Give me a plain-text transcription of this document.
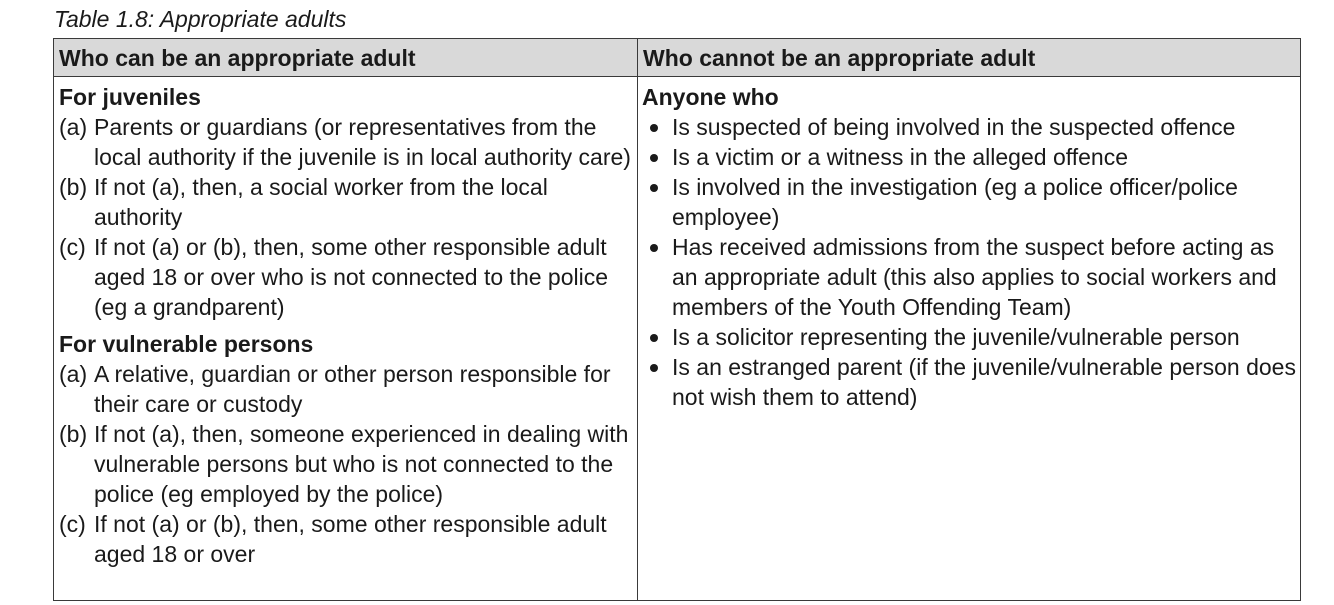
Table 1.8: Appropriate adults

Who can be an appropriate adult	Who cannot be an appropriate adult

For juveniles

(a) Parents or guardians (or representatives from the local authority if the juvenile is in local authority care)
(b) If not (a), then, a social worker from the local authority
(c) If not (a) or (b), then, some other responsible adult aged 18 or over who is not connected to the police (eg a grandparent)

For vulnerable persons

(a) A relative, guardian or other person responsible for their care or custody
(b) If not (a), then, someone experienced in dealing with vulnerable persons but who is not connected to the police (eg employed by the police)
(c) If not (a) or (b), then, some other responsible adult aged 18 or over

Anyone who

Is suspected of being involved in the suspected offence
Is a victim or a witness in the alleged offence
Is involved in the investigation (eg a police officer/police employee)
Has received admissions from the suspect before acting as an appropriate adult (this also applies to social workers and members of the Youth Offending Team)
Is a solicitor representing the juvenile/vulnerable person
Is an estranged parent (if the juvenile/vulnerable person does not wish them to attend)
